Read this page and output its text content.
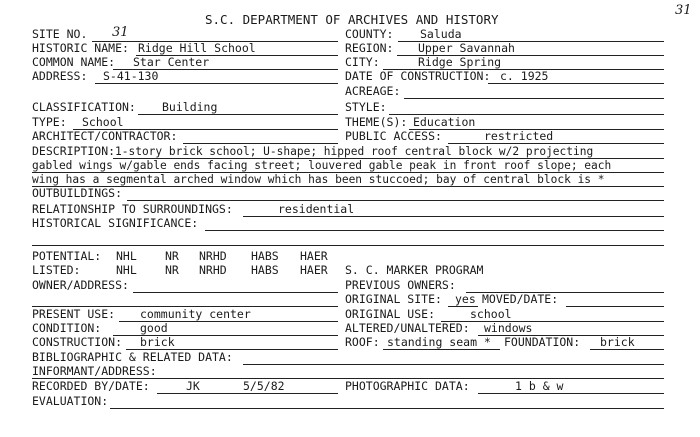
31
S.C. DEPARTMENT OF ARCHIVES AND HISTORY
SITE NO. 31	COUNTY: Saluda
HISTORIC NAME: Ridge Hill School	REGION: Upper Savannah
COMMON NAME: Star Center	CITY:	Ridge Spring
ADDRESS: S-41-130	DATE OF CONSTRUCTION: c. 1925
ACREAGE:
CLASSIFICATION: Building	STYLE:
TYPE: School	THEME(S): Education
ARCHITECT/CONTRACTOR:	PUBLIC ACCESS:	restricted
DESCRIPTION: 1-story brick school; U-shape; hipped roof central block w/2 projecting
gabled wings w/gable ends facing street; louvered gable peak in front roof slope; each
wing has a segmental arched window which has been stuccoed; bay of central block is *
OUTBUILDINGS:
RELATIONSHIP TO SURROUNDINGS:	residential
HISTORICAL SIGNIFICANCE:
POTENTIAL: NHL NR NRHD HABS HAER
LISTED:	NHL NR NRHD HABS HAER S. C. MARKER PROGRAM
OWNER/ADDRESS:	PREVIOUS OWNERS:
ORIGINAL SITE: yes MOVED/DATE:
PRESENT USE: community center	ORIGINAL USE:	school
CONDITION:	good	ALTERED/UNALTERED: windows
CONSTRUCTION: brick	ROOF: standing seam * FOUNDATION: brick
BIBLIOGRAPHIC & RELATED DATA:
INFORMANT/ADDRESS:
RECORDED BY/DATE:	JK	5/5/82	PHOTOGRAPHIC DATA:	1 b & w
EVALUATION:
